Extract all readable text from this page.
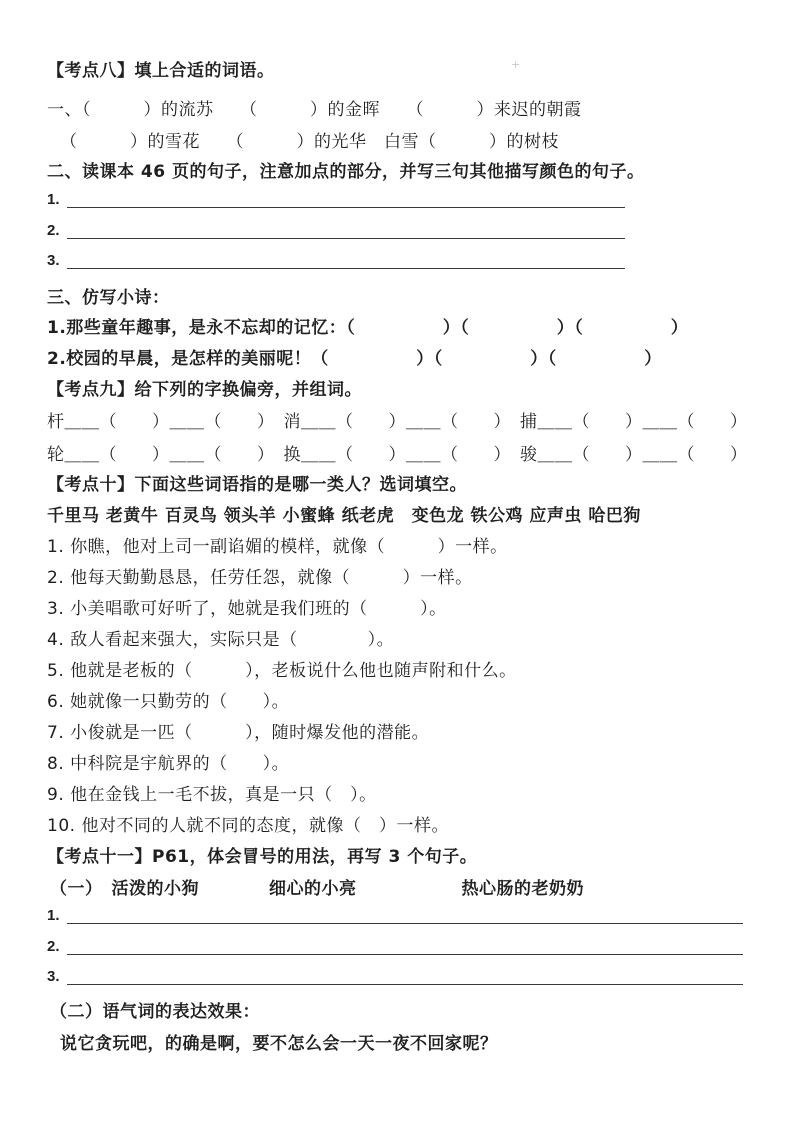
+
【考点八】填上合适的词语。
一、（　　　）的流苏　　（　　　）的金晖　　（　　　）来迟的朝霞
（　　　）的雪花　　（　　　）的光华　白雪（　　　）的树枝
二、读课本 46 页的句子，注意加点的部分，并写三句其他描写颜色的句子。
1.
2.
3.
三、仿写小诗：
1.那些童年趣事，是永不忘却的记忆：（　　　　　）（　　　　　）（　　　　　）
2.校园的早晨，是怎样的美丽呢！（　　　　　）（　　　　　）（　　　　　）
【考点九】给下列的字换偏旁，并组词。
杆＿＿（　　）＿＿（　　）　消＿＿（　　）＿＿（　　）　捕＿＿（　　）＿＿（　　）
轮＿＿（　　）＿＿（　　）　换＿＿（　　）＿＿（　　）　骏＿＿（　　）＿＿（　　）
【考点十】下面这些词语指的是哪一类人？选词填空。
千里马 老黄牛 百灵鸟 领头羊 小蜜蜂 纸老虎　变色龙 铁公鸡 应声虫 哈巴狗
1. 你瞧，他对上司一副谄媚的模样，就像（　　　）一样。
2. 他每天勤勤恳恳，任劳任怨，就像（　　　）一样。
3. 小美唱歌可好听了，她就是我们班的（　　　）。
4. 敌人看起来强大，实际只是（　　　　）。
5. 他就是老板的（　　　），老板说什么他也随声附和什么。
6. 她就像一只勤劳的（　　）。
7. 小俊就是一匹（　　　），随时爆发他的潜能。
8. 中科院是宇航界的（　　）。
9. 他在金钱上一毛不拔，真是一只（　）。
10. 他对不同的人就不同的态度，就像（　）一样。
【考点十一】P61，体会冒号的用法，再写 3 个句子。
（一）　活泼的小狗　　　　细心的小亮　　　　　　热心肠的老奶奶
1.
2.
3.
（二）语气词的表达效果：
说它贪玩吧，的确是啊，要不怎么会一天一夜不回家呢？
